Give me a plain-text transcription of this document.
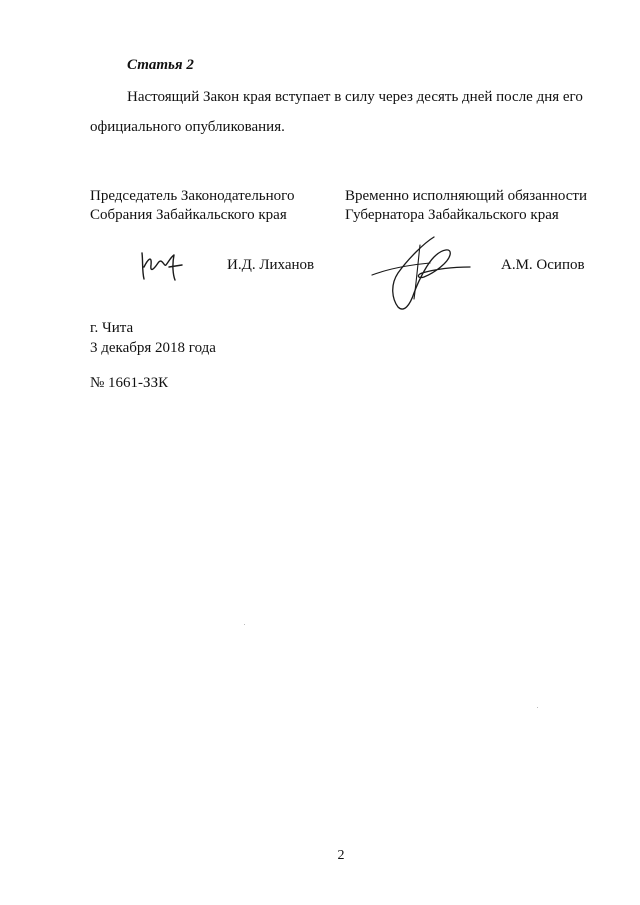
Статья 2

Настоящий Закон края вступает в силу через десять дней после дня его
официального опубликования.

Председатель Законодательного
Собрания Забайкальского края
Временно исполняющий обязанности
Губернатора Забайкальского края
И.Д. Лиханов	А.М. Осипов
г. Чита
3 декабря 2018 года
№ 1661-ЗЗК
2
